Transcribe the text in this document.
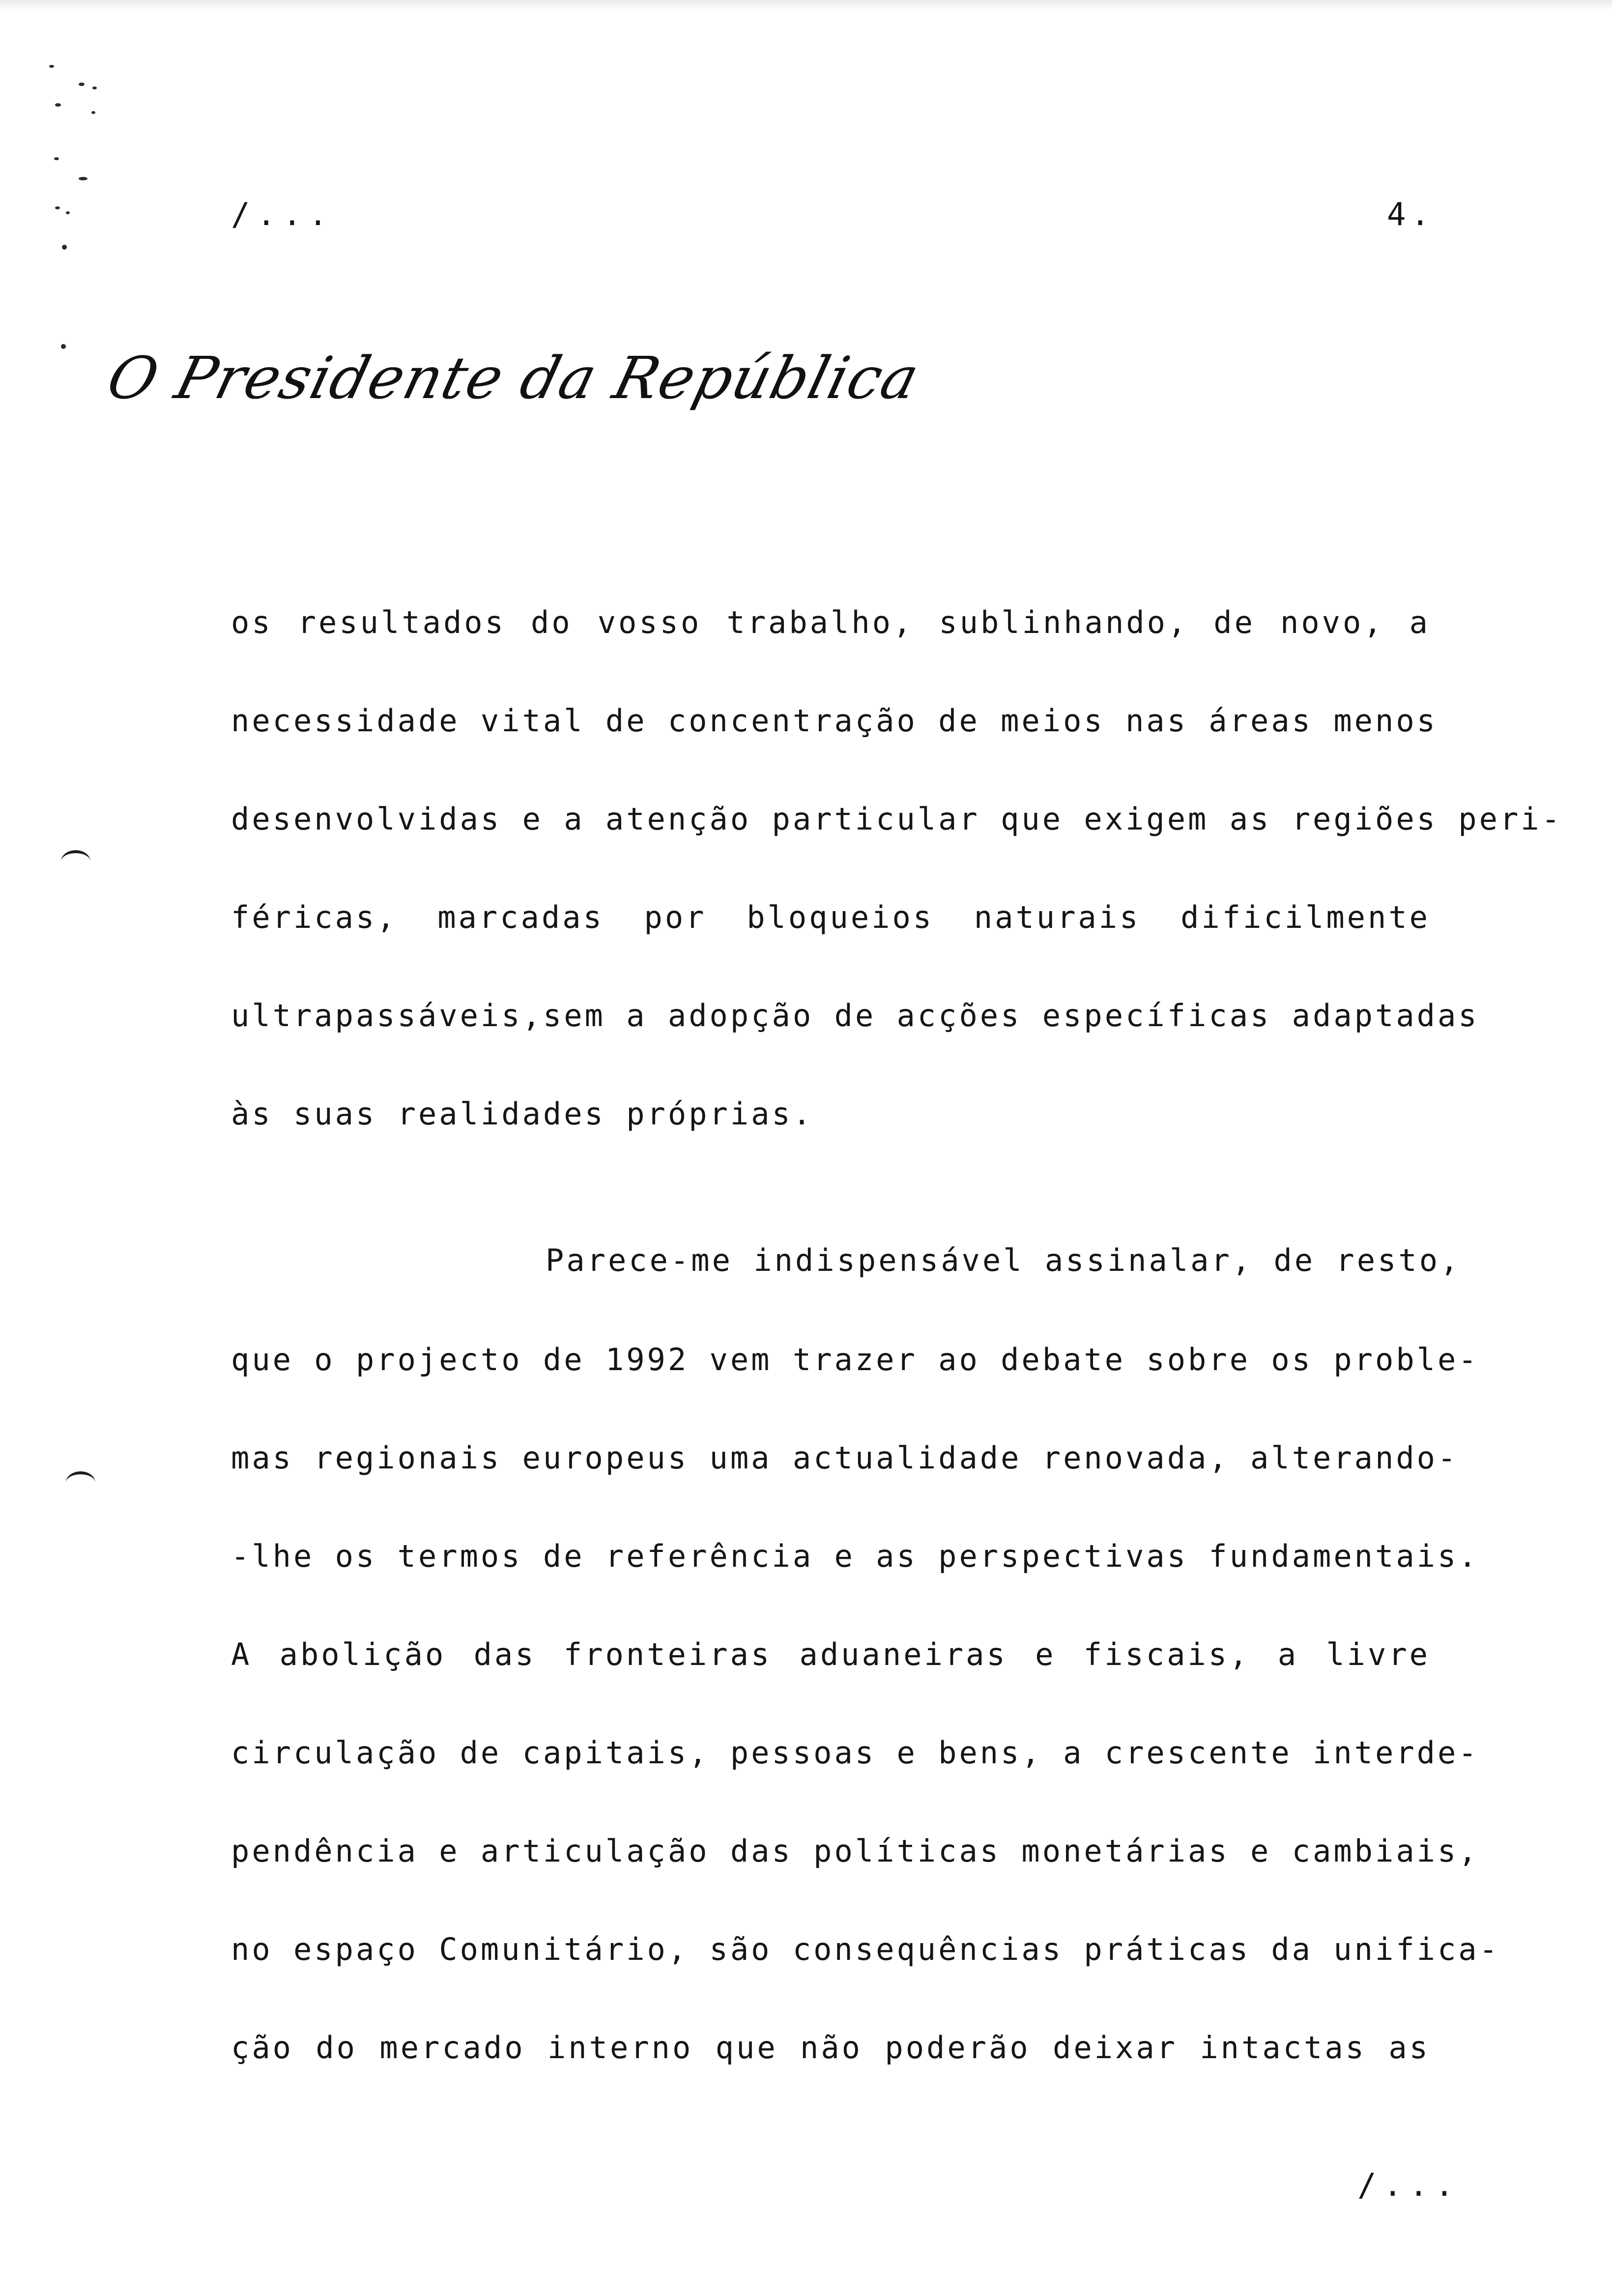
/...	4.
O Presidente da República
os resultados do vosso trabalho, sublinhando, de novo, a
necessidade vital de concentração de meios nas áreas menos
desenvolvidas e a atenção particular que exigem as regiões peri-
féricas, marcadas por bloqueios naturais dificilmente
ultrapassáveis,sem a adopção de acções específicas adaptadas
às suas realidades próprias.
Parece-me indispensável assinalar, de resto,
que o projecto de 1992 vem trazer ao debate sobre os proble-
mas regionais europeus uma actualidade renovada, alterando-
-lhe os termos de referência e as perspectivas fundamentais.
A abolição das fronteiras aduaneiras e fiscais, a livre
circulação de capitais, pessoas e bens, a crescente interde-
pendência e articulação das políticas monetárias e cambiais,
no espaço Comunitário, são consequências práticas da unifica-
ção do mercado interno que não poderão deixar intactas as
/...
